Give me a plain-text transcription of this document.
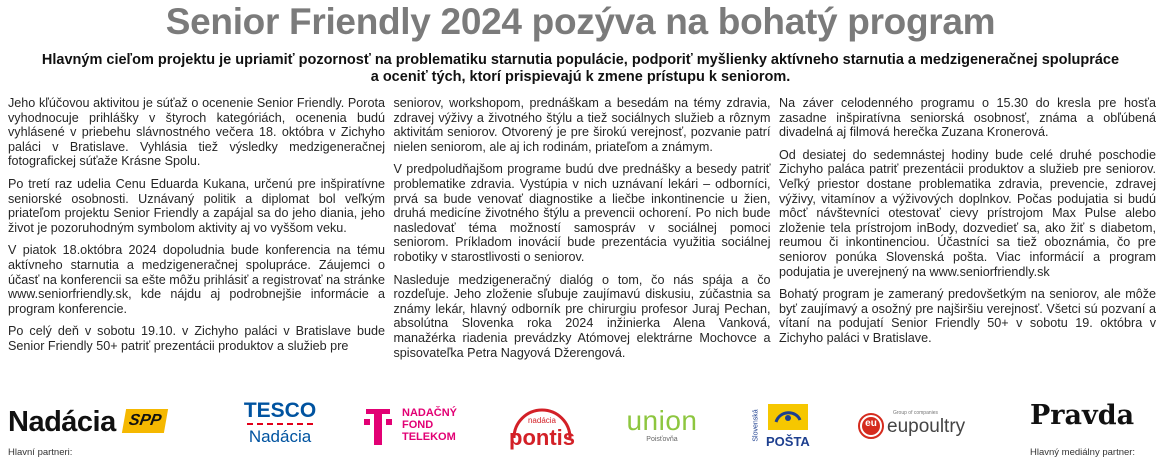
Senior Friendly 2024 pozýva na bohatý program
Hlavným cieľom projektu je upriamiť pozornosť na problematiku starnutia populácie, podporiť myšlienky aktívneho starnutia a medzigeneračnej spolupráce a oceniť tých, ktorí prispievajú k zmene prístupu k seniorom.

Jeho kľúčovou aktivitou je súťaž o ocenenie Senior Friendly. Porota vyhodnocuje prihlášky v štyroch kategóriách, ocenenia budú vyhlásené v priebehu slávnostného večera 18. októbra v Zichyho paláci v Bratislave. Vyhlásia tiež výsledky medzigeneračnej fotografickej súťaže Krásne Spolu.

Po tretí raz udelia Cenu Eduarda Kukana, určenú pre inšpiratívne seniorské osobnosti. Uznávaný politik a diplomat bol veľkým priateľom projektu Senior Friendly a zapájal sa do jeho diania, jeho život je pozoruhodným symbolom aktivity aj vo vyššom veku.

V piatok 18.októbra 2024 dopoludnia bude konferencia na tému aktívneho starnutia a medzigeneračnej spolupráce. Záujemci o účasť na konferencii sa ešte môžu prihlásiť a registrovať na stránke www.seniorfriendly.sk, kde nájdu aj podrobnejšie informácie a program konferencie.

Po celý deň v sobotu 19.10. v Zichyho paláci v Bratislave bude Senior Friendly 50+ patriť prezentácii produktov a služieb pre

seniorov, workshopom, prednáškam a besedám na témy zdravia, zdravej výživy a životného štýlu a tiež sociálnych služieb a rôznym aktivitám seniorov. Otvorený je pre širokú verejnosť, pozvanie patrí nielen seniorom, ale aj ich rodinám, priateľom a známym.

V predpoludňajšom programe budú dve prednášky a besedy patriť problematike zdravia. Vystúpia v nich uznávaní lekári – odborníci, prvá sa bude venovať diagnostike a liečbe inkontinencie u žien, druhá medicíne životného štýlu a prevencii ochorení. Po nich bude nasledovať téma možností samospráv v sociálnej pomoci seniorom. Príkladom inovácií bude prezentácia využitia sociálnej robotiky v starostlivosti o seniorov.

Nasleduje medzigeneračný dialóg o tom, čo nás spája a čo rozdeľuje. Jeho zloženie sľubuje zaujímavú diskusiu, zúčastnia sa známy lekár, hlavný odborník pre chirurgiu profesor Juraj Pechan, absolútna Slovenka roka 2024 inžinierka Alena Vanková, manažérka riadenia prevádzky Atómovej elektrárne Mochovce a spisovateľka Petra Nagyová Džerengová.

Na záver celodenného programu o 15.30 do kresla pre hosťa zasadne inšpiratívna seniorská osobnosť, známa a obľúbená divadelná aj filmová herečka Zuzana Kronerová.

Od desiatej do sedemnástej hodiny bude celé druhé poschodie Zichyho paláca patriť prezentácii produktov a služieb pre seniorov. Veľký priestor dostane problematika zdravia, prevencie, zdravej výživy, vitamínov a výživových doplnkov. Počas podujatia si budú môcť návštevníci otestovať cievy prístrojom Max Pulse alebo zloženie tela prístrojom inBody, dozvedieť sa, ako žiť s diabetom, reumou či inkontinenciou. Účastníci sa tiež oboznámia, čo pre seniorov ponúka Slovenská pošta. Viac informácií a program podujatia je uverejnený na www.seniorfriendly.sk

Bohatý program je zameraný predovšetkým na seniorov, ale môže byť zaujímavý a osožný pre najširšiu verejnosť. Všetci sú pozvaní a vítaní na podujatí Senior Friendly 50+ v sobotu 19. októbra v Zichyho paláci v Bratislave.

Nadácia SPP
Hlavní partneri:
TESCO
Nadácia
NADAČNÝ
FOND
TELEKOM
nadácia
pontis
union
Poisťovňa	Slovenská POŠTA
eu
Group of companies
eupoultry Pravda
Hlavný mediálny partner:
